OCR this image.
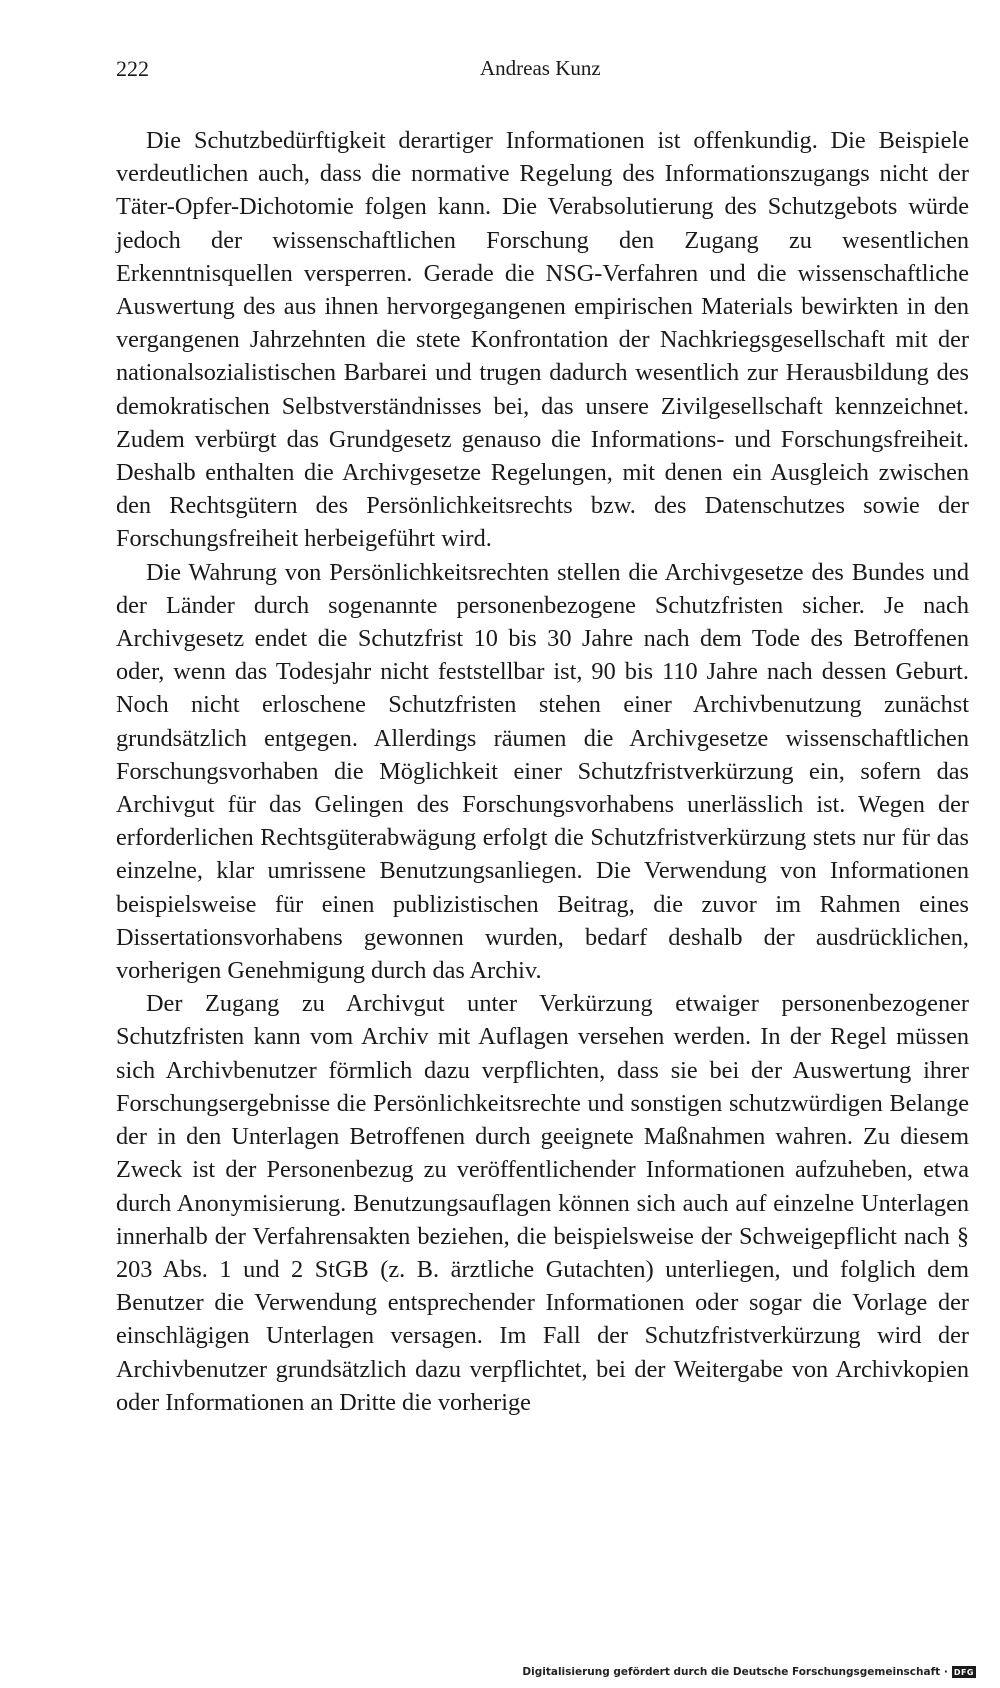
222	Andreas Kunz

Die Schutzbedürftigkeit derartiger Informationen ist offenkundig. Die Beispiele verdeutlichen auch, dass die normative Regelung des Informationszugangs nicht der Täter-Opfer-Dichotomie folgen kann. Die Verabsolutierung des Schutzgebots würde jedoch der wissenschaftlichen Forschung den Zugang zu wesentlichen Erkenntnisquellen versperren. Gerade die NSG-Verfahren und die wissenschaftliche Auswertung des aus ihnen hervorgegangenen empirischen Materials bewirkten in den vergangenen Jahrzehnten die stete Konfrontation der Nachkriegsgesellschaft mit der nationalsozialistischen Barbarei und trugen dadurch wesentlich zur Herausbildung des demokratischen Selbstverständnisses bei, das unsere Zivilgesellschaft kennzeichnet. Zudem verbürgt das Grundgesetz genauso die Informations- und Forschungsfreiheit. Deshalb enthalten die Archivgesetze Regelungen, mit denen ein Ausgleich zwischen den Rechtsgütern des Persönlichkeitsrechts bzw. des Datenschutzes sowie der Forschungsfreiheit herbeigeführt wird.

Die Wahrung von Persönlichkeitsrechten stellen die Archivgesetze des Bundes und der Länder durch sogenannte personenbezogene Schutzfristen sicher. Je nach Archivgesetz endet die Schutzfrist 10 bis 30 Jahre nach dem Tode des Betroffenen oder, wenn das Todesjahr nicht feststellbar ist, 90 bis 110 Jahre nach dessen Geburt. Noch nicht erloschene Schutzfristen stehen einer Archivbenutzung zunächst grundsätzlich entgegen. Allerdings räumen die Archivgesetze wissenschaftlichen Forschungsvorhaben die Möglichkeit einer Schutzfristverkürzung ein, sofern das Archivgut für das Gelingen des Forschungsvorhabens unerlässlich ist. Wegen der erforderlichen Rechtsgüterabwägung erfolgt die Schutzfristverkürzung stets nur für das einzelne, klar umrissene Benutzungsanliegen. Die Verwendung von Informationen beispielsweise für einen publizistischen Beitrag, die zuvor im Rahmen eines Dissertationsvorhabens gewonnen wurden, bedarf deshalb der ausdrücklichen, vorherigen Genehmigung durch das Archiv.

Der Zugang zu Archivgut unter Verkürzung etwaiger personenbezogener Schutzfristen kann vom Archiv mit Auflagen versehen werden. In der Regel müssen sich Archivbenutzer förmlich dazu verpflichten, dass sie bei der Auswertung ihrer Forschungsergebnisse die Persönlichkeitsrechte und sonstigen schutzwürdigen Belange der in den Unterlagen Betroffenen durch geeignete Maßnahmen wahren. Zu diesem Zweck ist der Personenbezug zu veröffentlichender Informationen aufzuheben, etwa durch Anonymisierung. Benutzungsauflagen können sich auch auf einzelne Unterlagen innerhalb der Verfahrensakten beziehen, die beispielsweise der Schweigepflicht nach § 203 Abs. 1 und 2 StGB (z. B. ärztliche Gutachten) unterliegen, und folglich dem Benutzer die Verwendung entsprechender Informationen oder sogar die Vorlage der einschlägigen Unterlagen versagen. Im Fall der Schutzfristverkürzung wird der Archivbenutzer grundsätzlich dazu verpflichtet, bei der Weitergabe von Archivkopien oder Informationen an Dritte die vorherige

Digitalisierung gefördert durch die Deutsche Forschungsgemeinschaft · DFG
